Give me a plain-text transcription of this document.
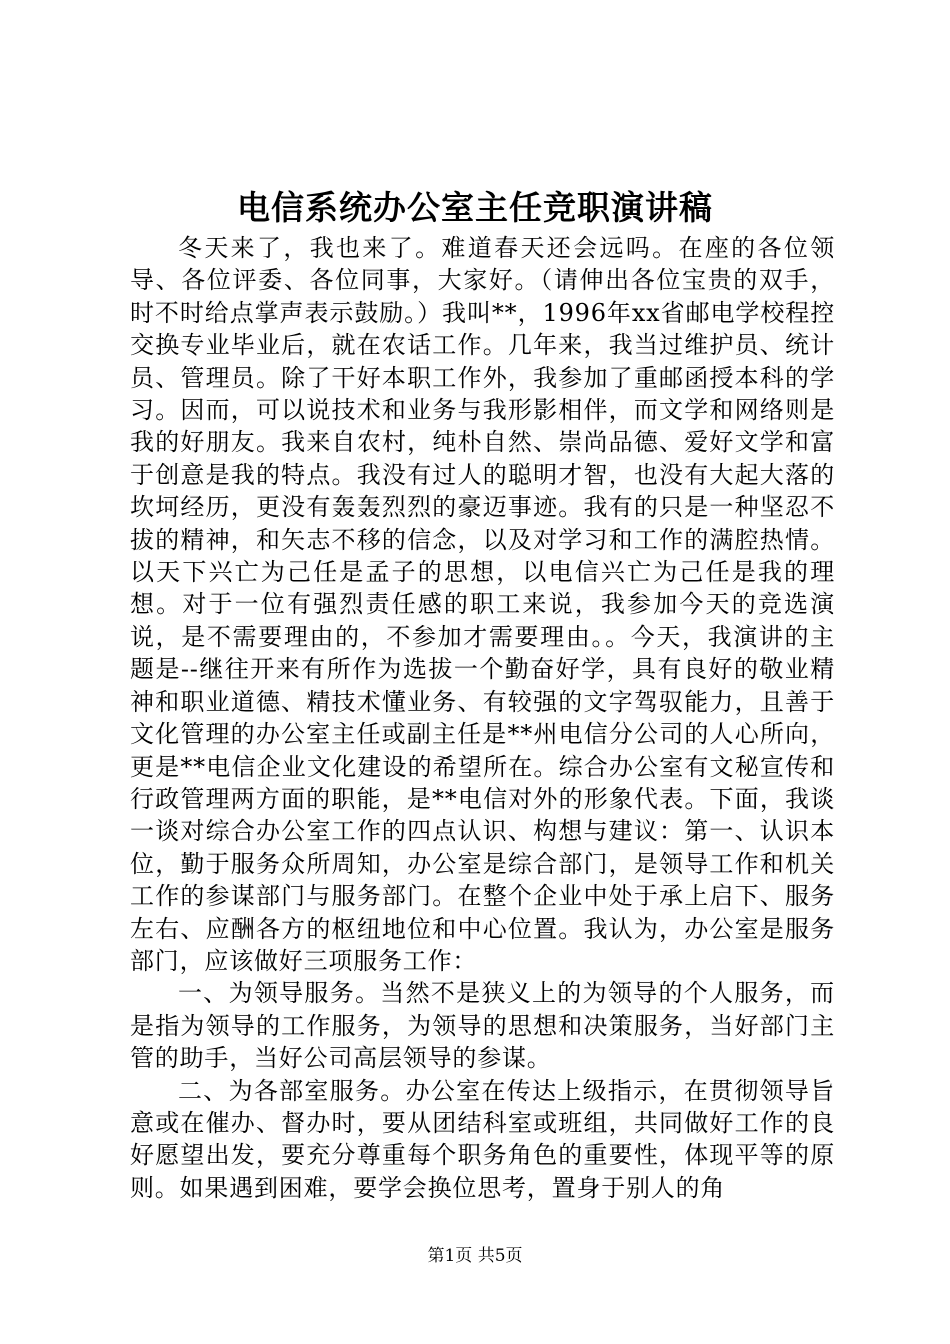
电信系统办公室主任竞职演讲稿

冬天来了，我也来了。难道春天还会远吗。在座的各位领导、各位评委、各位同事，大家好。（请伸出各位宝贵的双手，时不时给点掌声表示鼓励。）我叫**，1996年xx省邮电学校程控交换专业毕业后，就在农话工作。几年来，我当过维护员、统计员、管理员。除了干好本职工作外，我参加了重邮函授本科的学习。因而，可以说技术和业务与我形影相伴，而文学和网络则是我的好朋友。我来自农村，纯朴自然、崇尚品德、爱好文学和富于创意是我的特点。我没有过人的聪明才智，也没有大起大落的坎坷经历，更没有轰轰烈烈的豪迈事迹。我有的只是一种坚忍不拔的精神，和矢志不移的信念，以及对学习和工作的满腔热情。以天下兴亡为己任是孟子的思想，以电信兴亡为己任是我的理想。对于一位有强烈责任感的职工来说，我参加今天的竞选演说，是不需要理由的，不参加才需要理由。。今天，我演讲的主题是--继往开来有所作为选拔一个勤奋好学，具有良好的敬业精神和职业道德、精技术懂业务、有较强的文字驾驭能力，且善于文化管理的办公室主任或副主任是**州电信分公司的人心所向，更是**电信企业文化建设的希望所在。综合办公室有文秘宣传和行政管理两方面的职能，是**电信对外的形象代表。下面，我谈一谈对综合办公室工作的四点认识、构想与建议：第一、认识本位，勤于服务众所周知，办公室是综合部门，是领导工作和机关工作的参谋部门与服务部门。在整个企业中处于承上启下、服务左右、应酬各方的枢纽地位和中心位置。我认为，办公室是服务部门，应该做好三项服务工作：

一、为领导服务。当然不是狭义上的为领导的个人服务，而是指为领导的工作服务，为领导的思想和决策服务，当好部门主管的助手，当好公司高层领导的参谋。

二、为各部室服务。办公室在传达上级指示，在贯彻领导旨意或在催办、督办时，要从团结科室或班组，共同做好工作的良好愿望出发，要充分尊重每个职务角色的重要性，体现平等的原则。如果遇到困难，要学会换位思考，置身于别人的角

第1页 共5页
